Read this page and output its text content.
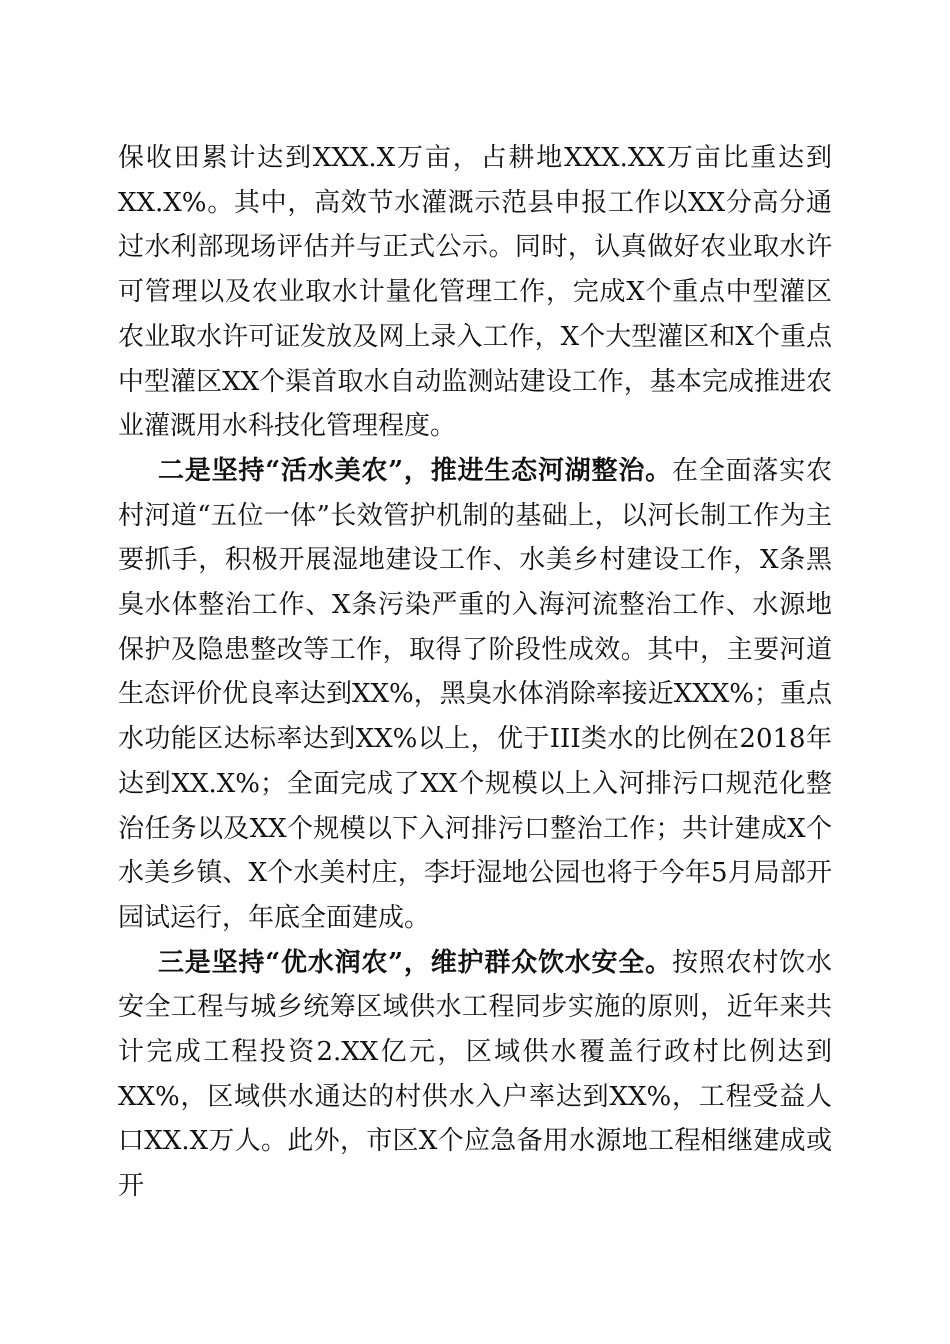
保收田累计达到XXX.X万亩，占耕地XXX.XX万亩比重达到XX.X%。其中，高效节水灌溉示范县申报工作以XX分高分通过水利部现场评估并与正式公示。同时，认真做好农业取水许可管理以及农业取水计量化管理工作，完成X个重点中型灌区农业取水许可证发放及网上录入工作，X个大型灌区和X个重点中型灌区XX个渠首取水自动监测站建设工作，基本完成推进农业灌溉用水科技化管理程度。

二是坚持“活水美农”，推进生态河湖整治。在全面落实农村河道“五位一体”长效管护机制的基础上，以河长制工作为主要抓手，积极开展湿地建设工作、水美乡村建设工作，X条黑臭水体整治工作、X条污染严重的入海河流整治工作、水源地保护及隐患整改等工作，取得了阶段性成效。其中，主要河道生态评价优良率达到XX%，黑臭水体消除率接近XXX%；重点水功能区达标率达到XX%以上，优于III类水的比例在2018年达到XX.X%；全面完成了XX个规模以上入河排污口规范化整治任务以及XX个规模以下入河排污口整治工作；共计建成X个水美乡镇、X个水美村庄，李圩湿地公园也将于今年5月局部开园试运行，年底全面建成。

三是坚持“优水润农”，维护群众饮水安全。按照农村饮水安全工程与城乡统筹区域供水工程同步实施的原则，近年来共计完成工程投资2.XX亿元，区域供水覆盖行政村比例达到XX%，区域供水通达的村供水入户率达到XX%，工程受益人口XX.X万人。此外，市区X个应急备用水源地工程相继建成或开
